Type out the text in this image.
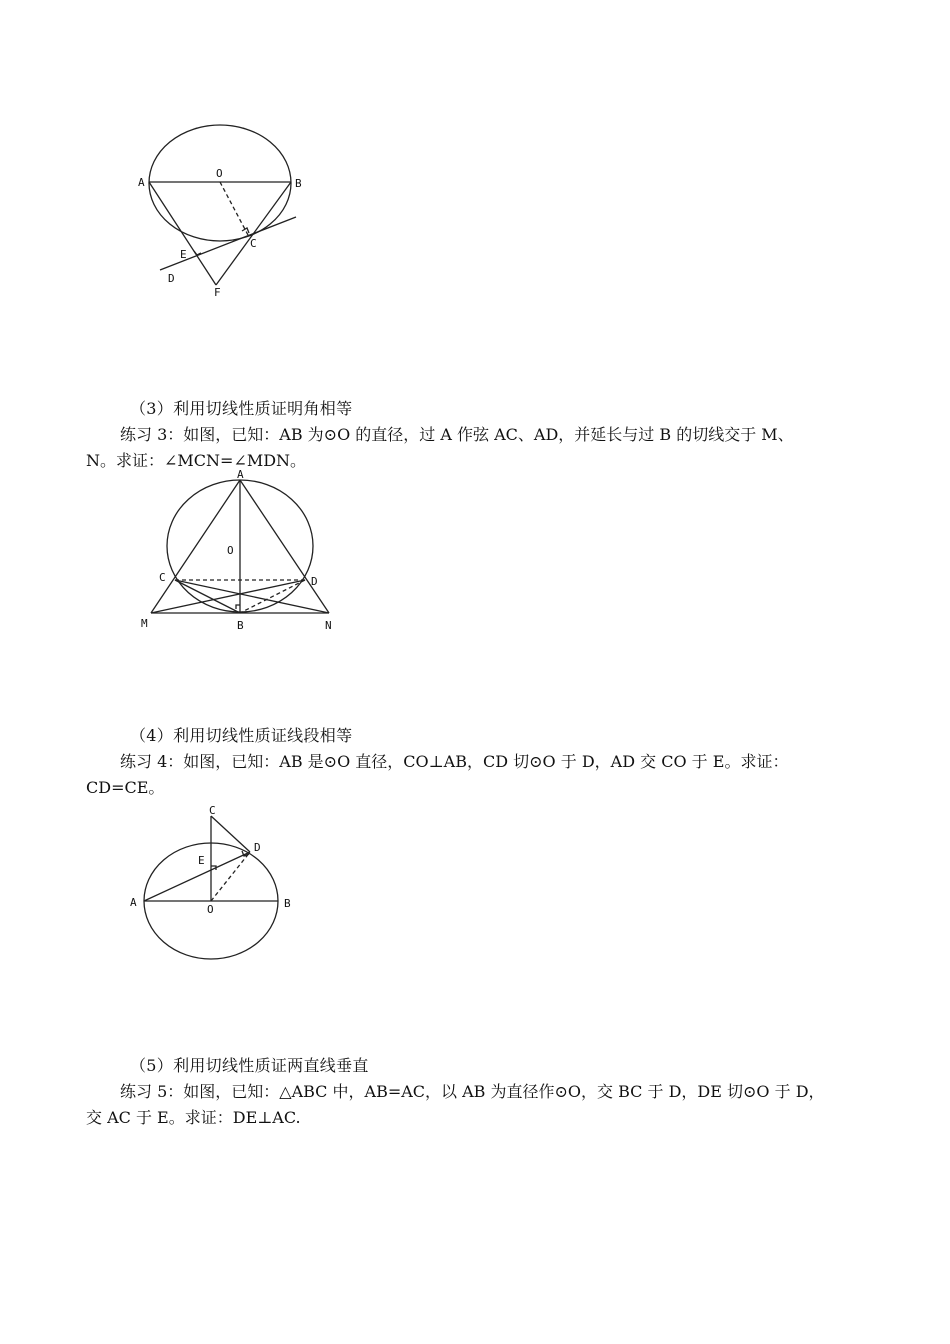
A
O
B
C
E
D
F
（3）利用切线性质证明角相等
练习 3：如图，已知：AB 为⊙O 的直径，过 A 作弦 AC、AD，并延长与过 B 的切线交于 M、
N。求证：∠MCN=∠MDN。
A
O
C	D
M	B	N
（4）利用切线性质证线段相等
练习 4：如图，已知：AB 是⊙O 直径，CO⊥AB，CD 切⊙O 于 D，AD 交 CO 于 E。求证：
CD=CE。
C
E
D
A
O	B
（5）利用切线性质证两直线垂直
练习 5：如图，已知：△ABC 中，AB=AC，以 AB 为直径作⊙O，交 BC 于 D，DE 切⊙O 于 D，
交 AC 于 E。求证：DE⊥AC.
